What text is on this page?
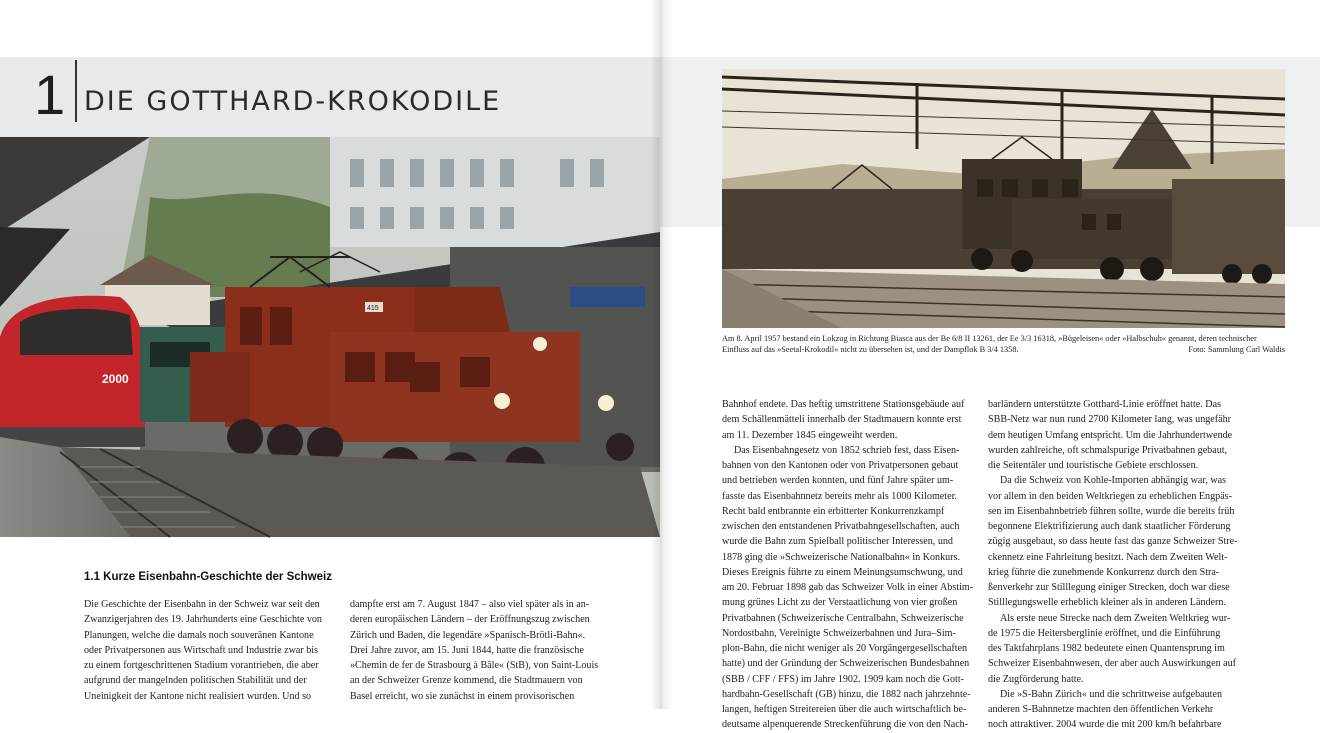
1 DIE GOTTHARD-KROKODILE
2000
415
1.1 Kurze Eisenbahn-Geschichte der Schweiz

Die Geschichte der Eisenbahn in der Schweiz war seit den

Zwanzigerjahren des 19. Jahrhunderts eine Geschichte von

Planungen, welche die damals noch souveränen Kantone

oder Privatpersonen aus Wirtschaft und Industrie zwar bis

zu einem fortgeschrittenen Stadium vorantrieben, die aber

aufgrund der mangelnden politischen Stabilität und der

Uneinigkeit der Kantone nicht realisiert wurden. Und so

dampfte erst am 7. August 1847 – also viel später als in an-

deren europäischen Ländern – der Eröffnungszug zwischen

Zürich und Baden, die legendäre »Spanisch-Brötli-Bahn«.

Drei Jahre zuvor, am 15. Juni 1844, hatte die französische

»Chemin de fer de Strasbourg à Bâle« (StB), von Saint-Louis

an der Schweizer Grenze kommend, die Stadtmauern von

Basel erreicht, wo sie zunächst in einem provisorischen

Am 8. April 1957 bestand ein Lokzug in Richtung Biasca aus der Be 6/8 II 13261, der Ee 3/3 16318, »Bügeleisen« oder »Halbschuh« genannt, deren technischer
Einfluss auf das »Seetal-Krokodil« nicht zu übersehen ist, und der Dampflok B 3/4 1358.	Foto: Sammlung Carl Waldis

Bahnhof endete. Das heftig umstrittene Stationsgebäude auf

dem Schällenmätteli innerhalb der Stadtmauern konnte erst

am 11. Dezember 1845 eingeweiht werden.

Das Eisenbahngesetz von 1852 schrieb fest, dass Eisen-

bahnen von den Kantonen oder von Privatpersonen gebaut

und betrieben werden konnten, und fünf Jahre später um-

fasste das Eisenbahnnetz bereits mehr als 1000 Kilometer.

Recht bald entbrannte ein erbitterter Konkurrenzkampf

zwischen den entstandenen Privatbahngesellschaften, auch

wurde die Bahn zum Spielball politischer Interessen, und

1878 ging die »Schweizerische Nationalbahn« in Konkurs.

Dieses Ereignis führte zu einem Meinungsumschwung, und

am 20. Februar 1898 gab das Schweizer Volk in einer Abstim-

mung grünes Licht zu der Verstaatlichung von vier großen

Privatbahnen (Schweizerische Centralbahn, Schweizerische

Nordostbahn, Vereinigte Schweizerbahnen und Jura–Sim-

plon-Bahn, die nicht weniger als 20 Vorgängergesellschaften

hatte) und der Gründung der Schweizerischen Bundesbahnen

(SBB / CFF / FFS) im Jahre 1902. 1909 kam noch die Gott-

hardbahn-Gesellschaft (GB) hinzu, die 1882 nach jahrzehnte-

langen, heftigen Streitereien über die auch wirtschaftlich be-

deutsame alpenquerende Streckenführung die von den Nach-

barländern unterstützte Gotthard-Linie eröffnet hatte. Das

SBB-Netz war nun rund 2700 Kilometer lang, was ungefähr

dem heutigen Umfang entspricht. Um die Jahrhundertwende

wurden zahlreiche, oft schmalspurige Privatbahnen gebaut,

die Seitentäler und touristische Gebiete erschlossen.

Da die Schweiz von Kohle-Importen abhängig war, was

vor allem in den beiden Weltkriegen zu erheblichen Engpäs-

sen im Eisenbahnbetrieb führen sollte, wurde die bereits früh

begonnene Elektrifizierung auch dank staatlicher Förderung

zügig ausgebaut, so dass heute fast das ganze Schweizer Stre-

ckennetz eine Fahrleitung besitzt. Nach dem Zweiten Welt-

krieg führte die zunehmende Konkurrenz durch den Stra-

ßenverkehr zur Stilllegung einiger Strecken, doch war diese

Stilllegungswelle erheblich kleiner als in anderen Ländern.

Als erste neue Strecke nach dem Zweiten Weltkrieg wur-

de 1975 die Heitersberglinie eröffnet, und die Einführung

des Taktfahrplans 1982 bedeutete einen Quantensprung im

Schweizer Eisenbahnwesen, der aber auch Auswirkungen auf

die Zugförderung hatte.

Die »S-Bahn Zürich« und die schrittweise aufgebauten

anderen S-Bahnnetze machten den öffentlichen Verkehr

noch attraktiver. 2004 wurde die mit 200 km/h befahrbare
